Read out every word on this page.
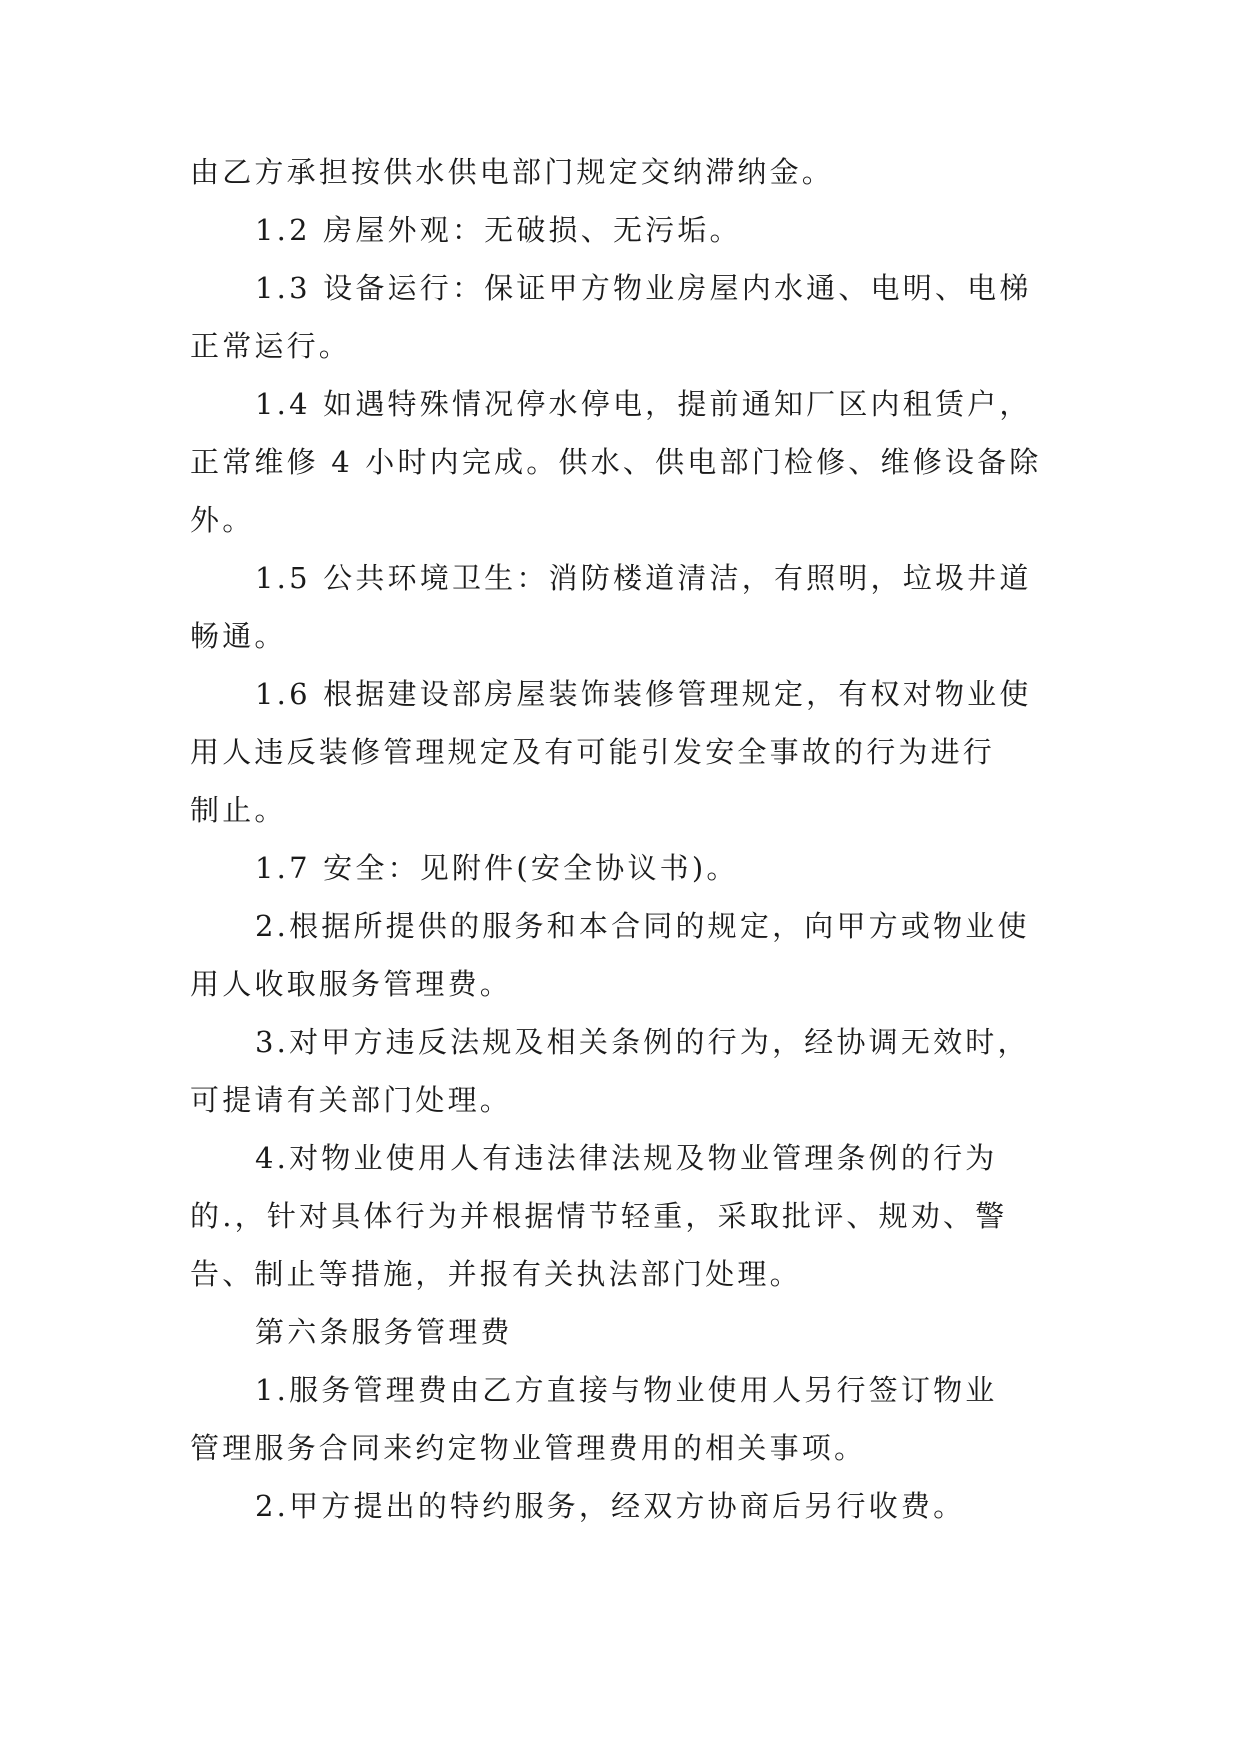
由乙方承担按供水供电部门规定交纳滞纳金。
1.2 房屋外观：无破损、无污垢。
1.3 设备运行：保证甲方物业房屋内水通、电明、电梯
正常运行。
1.4 如遇特殊情况停水停电，提前通知厂区内租赁户，
正常维修 4 小时内完成。供水、供电部门检修、维修设备除
外。
1.5 公共环境卫生：消防楼道清洁，有照明，垃圾井道
畅通。
1.6 根据建设部房屋装饰装修管理规定，有权对物业使
用人违反装修管理规定及有可能引发安全事故的行为进行
制止。
1.7 安全：见附件(安全协议书)。
2.根据所提供的服务和本合同的规定，向甲方或物业使
用人收取服务管理费。
3.对甲方违反法规及相关条例的行为，经协调无效时，
可提请有关部门处理。
4.对物业使用人有违法律法规及物业管理条例的行为
的.，针对具体行为并根据情节轻重，采取批评、规劝、警
告、制止等措施，并报有关执法部门处理。
第六条服务管理费
1.服务管理费由乙方直接与物业使用人另行签订物业
管理服务合同来约定物业管理费用的相关事项。
2.甲方提出的特约服务，经双方协商后另行收费。
